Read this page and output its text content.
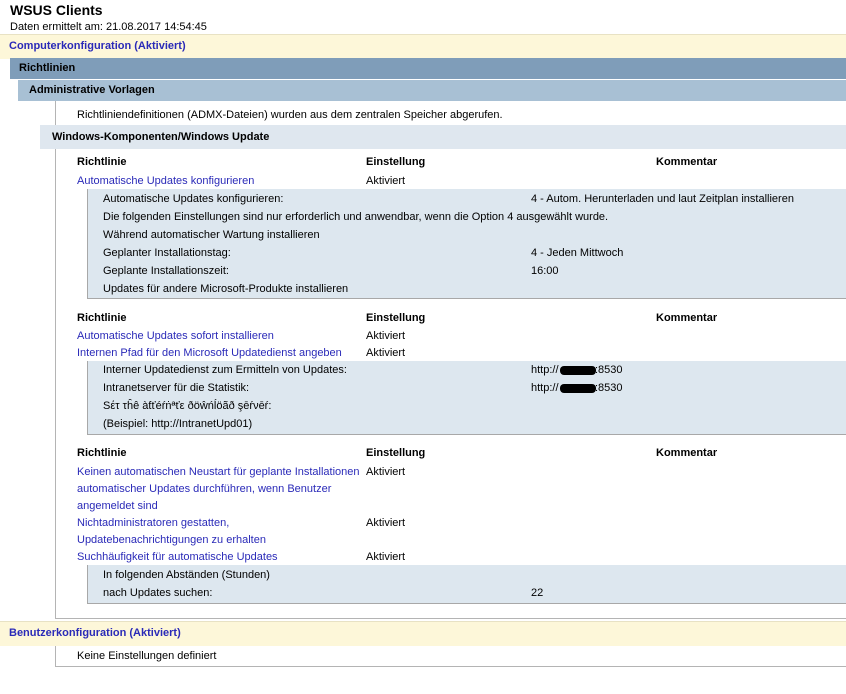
WSUS Clients
Daten ermittelt am: 21.08.2017 14:54:45
Computerkonfiguration (Aktiviert)
Richtlinien
Administrative Vorlagen
Richtliniendefinitionen (ADMX-Dateien) wurden aus dem zentralen Speicher abgerufen.
Windows-Komponenten/Windows Update
Richtlinie	Einstellung	Kommentar
Automatische Updates konfigurieren	Aktiviert
Automatische Updates konfigurieren:	4 - Autom. Herunterladen und laut Zeitplan installieren
Die folgenden Einstellungen sind nur erforderlich und anwendbar, wenn die Option 4 ausgewählt wurde.
Während automatischer Wartung installieren
Geplanter Installationstag:	4 - Jeden Mittwoch
Geplante Installationszeit:	16:00
Updates für andere Microsoft-Produkte installieren
Richtlinie	Einstellung	Kommentar
Automatische Updates sofort installieren	Aktiviert
Internen Pfad für den Microsoft Updatedienst angeben Aktiviert
Interner Updatedienst zum Ermitteln von Updates:	http://	:8530
Intranetserver für die Statistik:	http://	:8530
Sέτ τĥê àƭťéŕṅªťε ðöŵńĺöãð şēŕνēŕ:
(Beispiel: http://IntranetUpd01)
Richtlinie	Einstellung	Kommentar
Keinen automatischen Neustart für geplante Installationen Aktiviert
automatischer Updates durchführen, wenn Benutzer
angemeldet sind
Nichtadministratoren gestatten,	Aktiviert
Updatebenachrichtigungen zu erhalten
Suchhäufigkeit für automatische Updates	Aktiviert
In folgenden Abständen (Stunden)
nach Updates suchen:	22
Benutzerkonfiguration (Aktiviert)
Keine Einstellungen definiert
